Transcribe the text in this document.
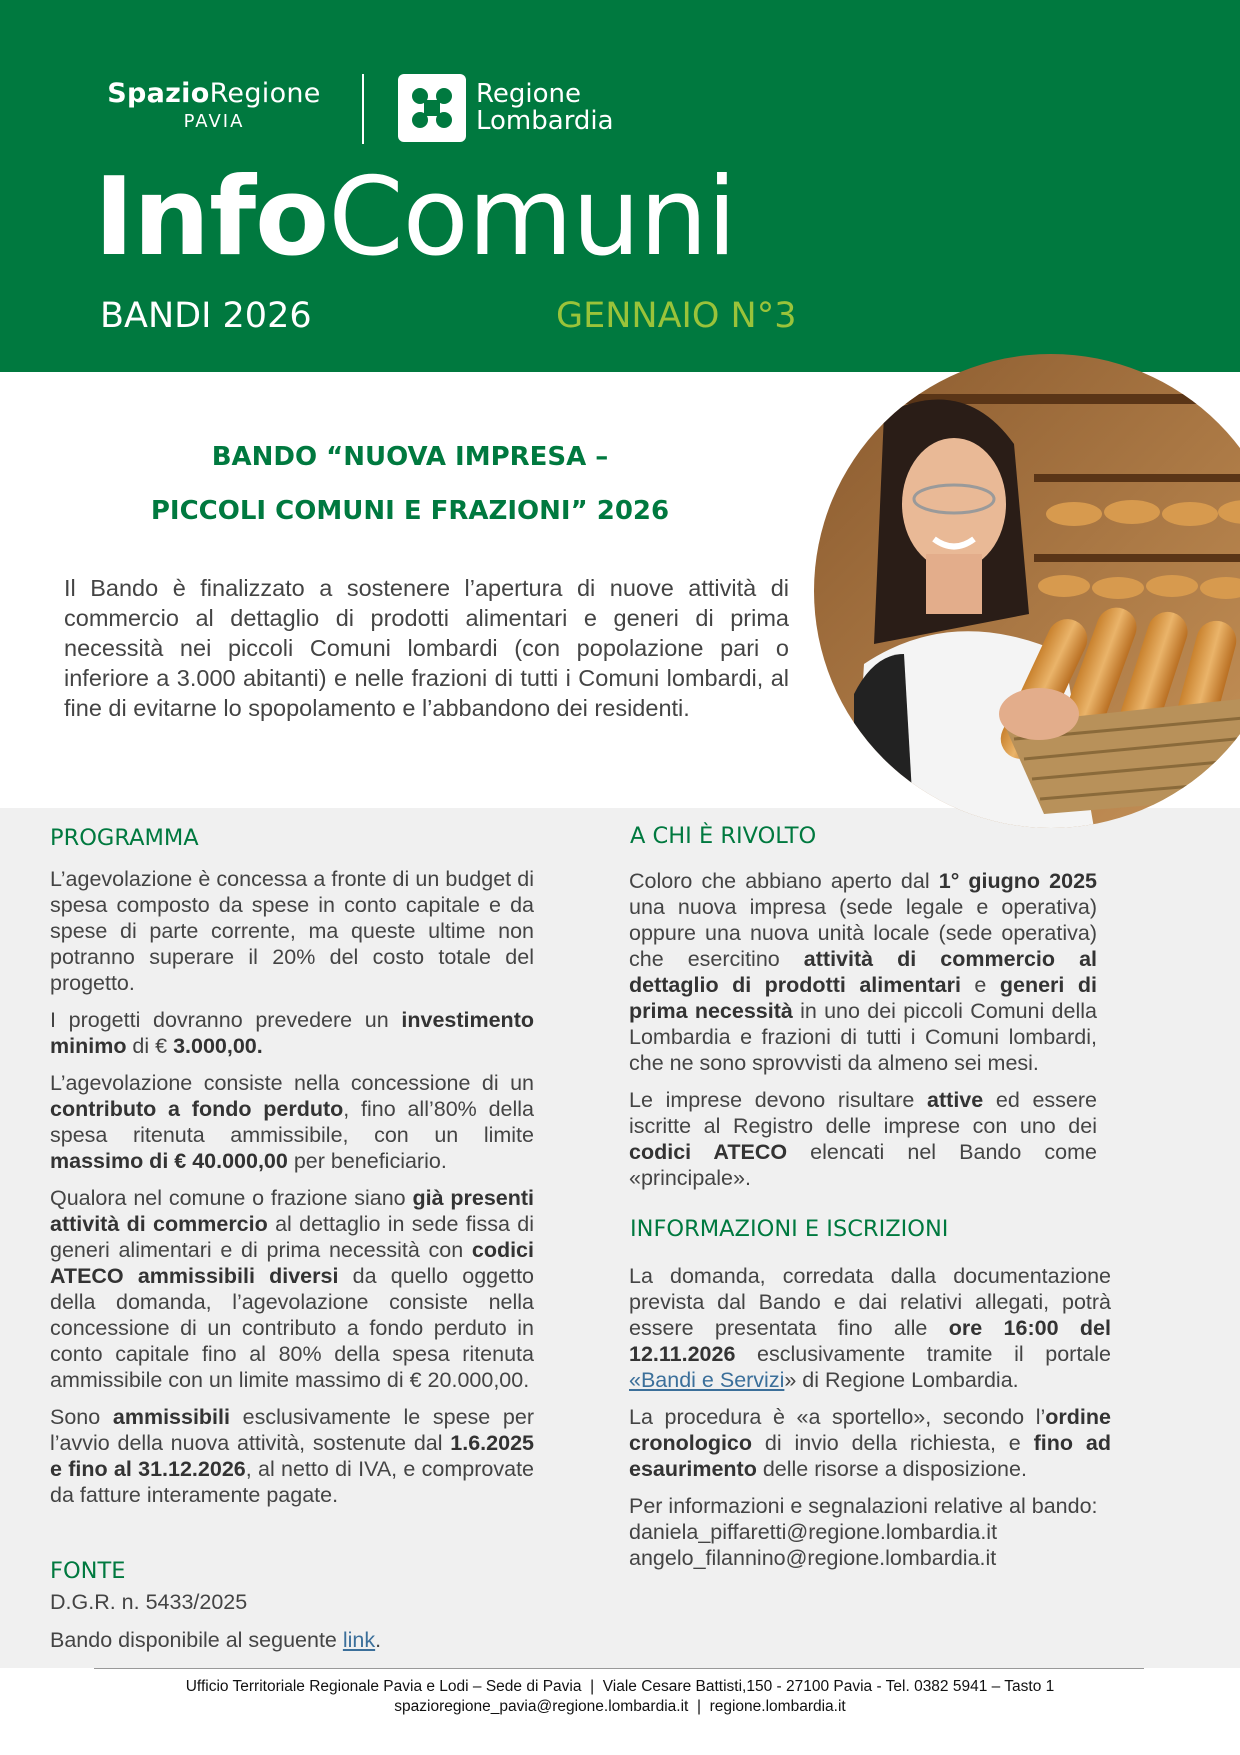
SpazioRegione
PAVIA
Regione
Lombardia
InfoComuni
BANDI 2026	GENNAIO N°3
BANDO “NUOVA IMPRESA –
PICCOLI COMUNI E FRAZIONI” 2026
Il Bando è finalizzato a sostenere l’apertura di nuove attività di commercio al dettaglio di prodotti alimentari e generi di prima necessità nei piccoli Comuni lombardi (con popolazione pari o inferiore a 3.000 abitanti) e nelle frazioni di tutti i Comuni lombardi, al fine di evitarne lo spopolamento e l’abbandono dei residenti.
PROGRAMMA

L’agevolazione è concessa a fronte di un budget di spesa composto da spese in conto capitale e da spese di parte corrente, ma queste ultime non potranno superare il 20% del costo totale del progetto.

I progetti dovranno prevedere un investimento minimo di € 3.000,00.

L’agevolazione consiste nella concessione di un contributo a fondo perduto, fino all’80% della spesa ritenuta ammissibile, con un limite massimo di € 40.000,00 per beneficiario.

Qualora nel comune o frazione siano già presenti attività di commercio al dettaglio in sede fissa di generi alimentari e di prima necessità con codici ATECO ammissibili diversi da quello oggetto della domanda, l’agevolazione consiste nella concessione di un contributo a fondo perduto in conto capitale fino al 80% della spesa ritenuta ammissibile con un limite massimo di € 20.000,00.

Sono ammissibili esclusivamente le spese per l’avvio della nuova attività, sostenute dal 1.6.2025 e fino al 31.12.2026, al netto di IVA, e comprovate da fatture interamente pagate.

FONTE

D.G.R. n. 5433/2025

Bando disponibile al seguente link.

A CHI È RIVOLTO

Coloro che abbiano aperto dal 1° giugno 2025 una nuova impresa (sede legale e operativa) oppure una nuova unità locale (sede operativa) che esercitino attività di commercio al dettaglio di prodotti alimentari e generi di prima necessità in uno dei piccoli Comuni della Lombardia e frazioni di tutti i Comuni lombardi, che ne sono sprovvisti da almeno sei mesi.

Le imprese devono risultare attive ed essere iscritte al Registro delle imprese con uno dei codici ATECO elencati nel Bando come «principale».

INFORMAZIONI E ISCRIZIONI

La domanda, corredata dalla documentazione prevista dal Bando e dai relativi allegati, potrà essere presentata fino alle ore 16:00 del 12.11.2026 esclusivamente tramite il portale «Bandi e Servizi» di Regione Lombardia.

La procedura è «a sportello», secondo l’ordine cronologico di invio della richiesta, e fino ad esaurimento delle risorse a disposizione.

Per informazioni e segnalazioni relative al bando:
daniela_piffaretti@regione.lombardia.it
angelo_filannino@regione.lombardia.it

Ufficio Territoriale Regionale Pavia e Lodi – Sede di Pavia  |  Viale Cesare Battisti,150 - 27100 Pavia - Tel. 0382 5941 – Tasto 1
spazioregione_pavia@regione.lombardia.it  |  regione.lombardia.it
